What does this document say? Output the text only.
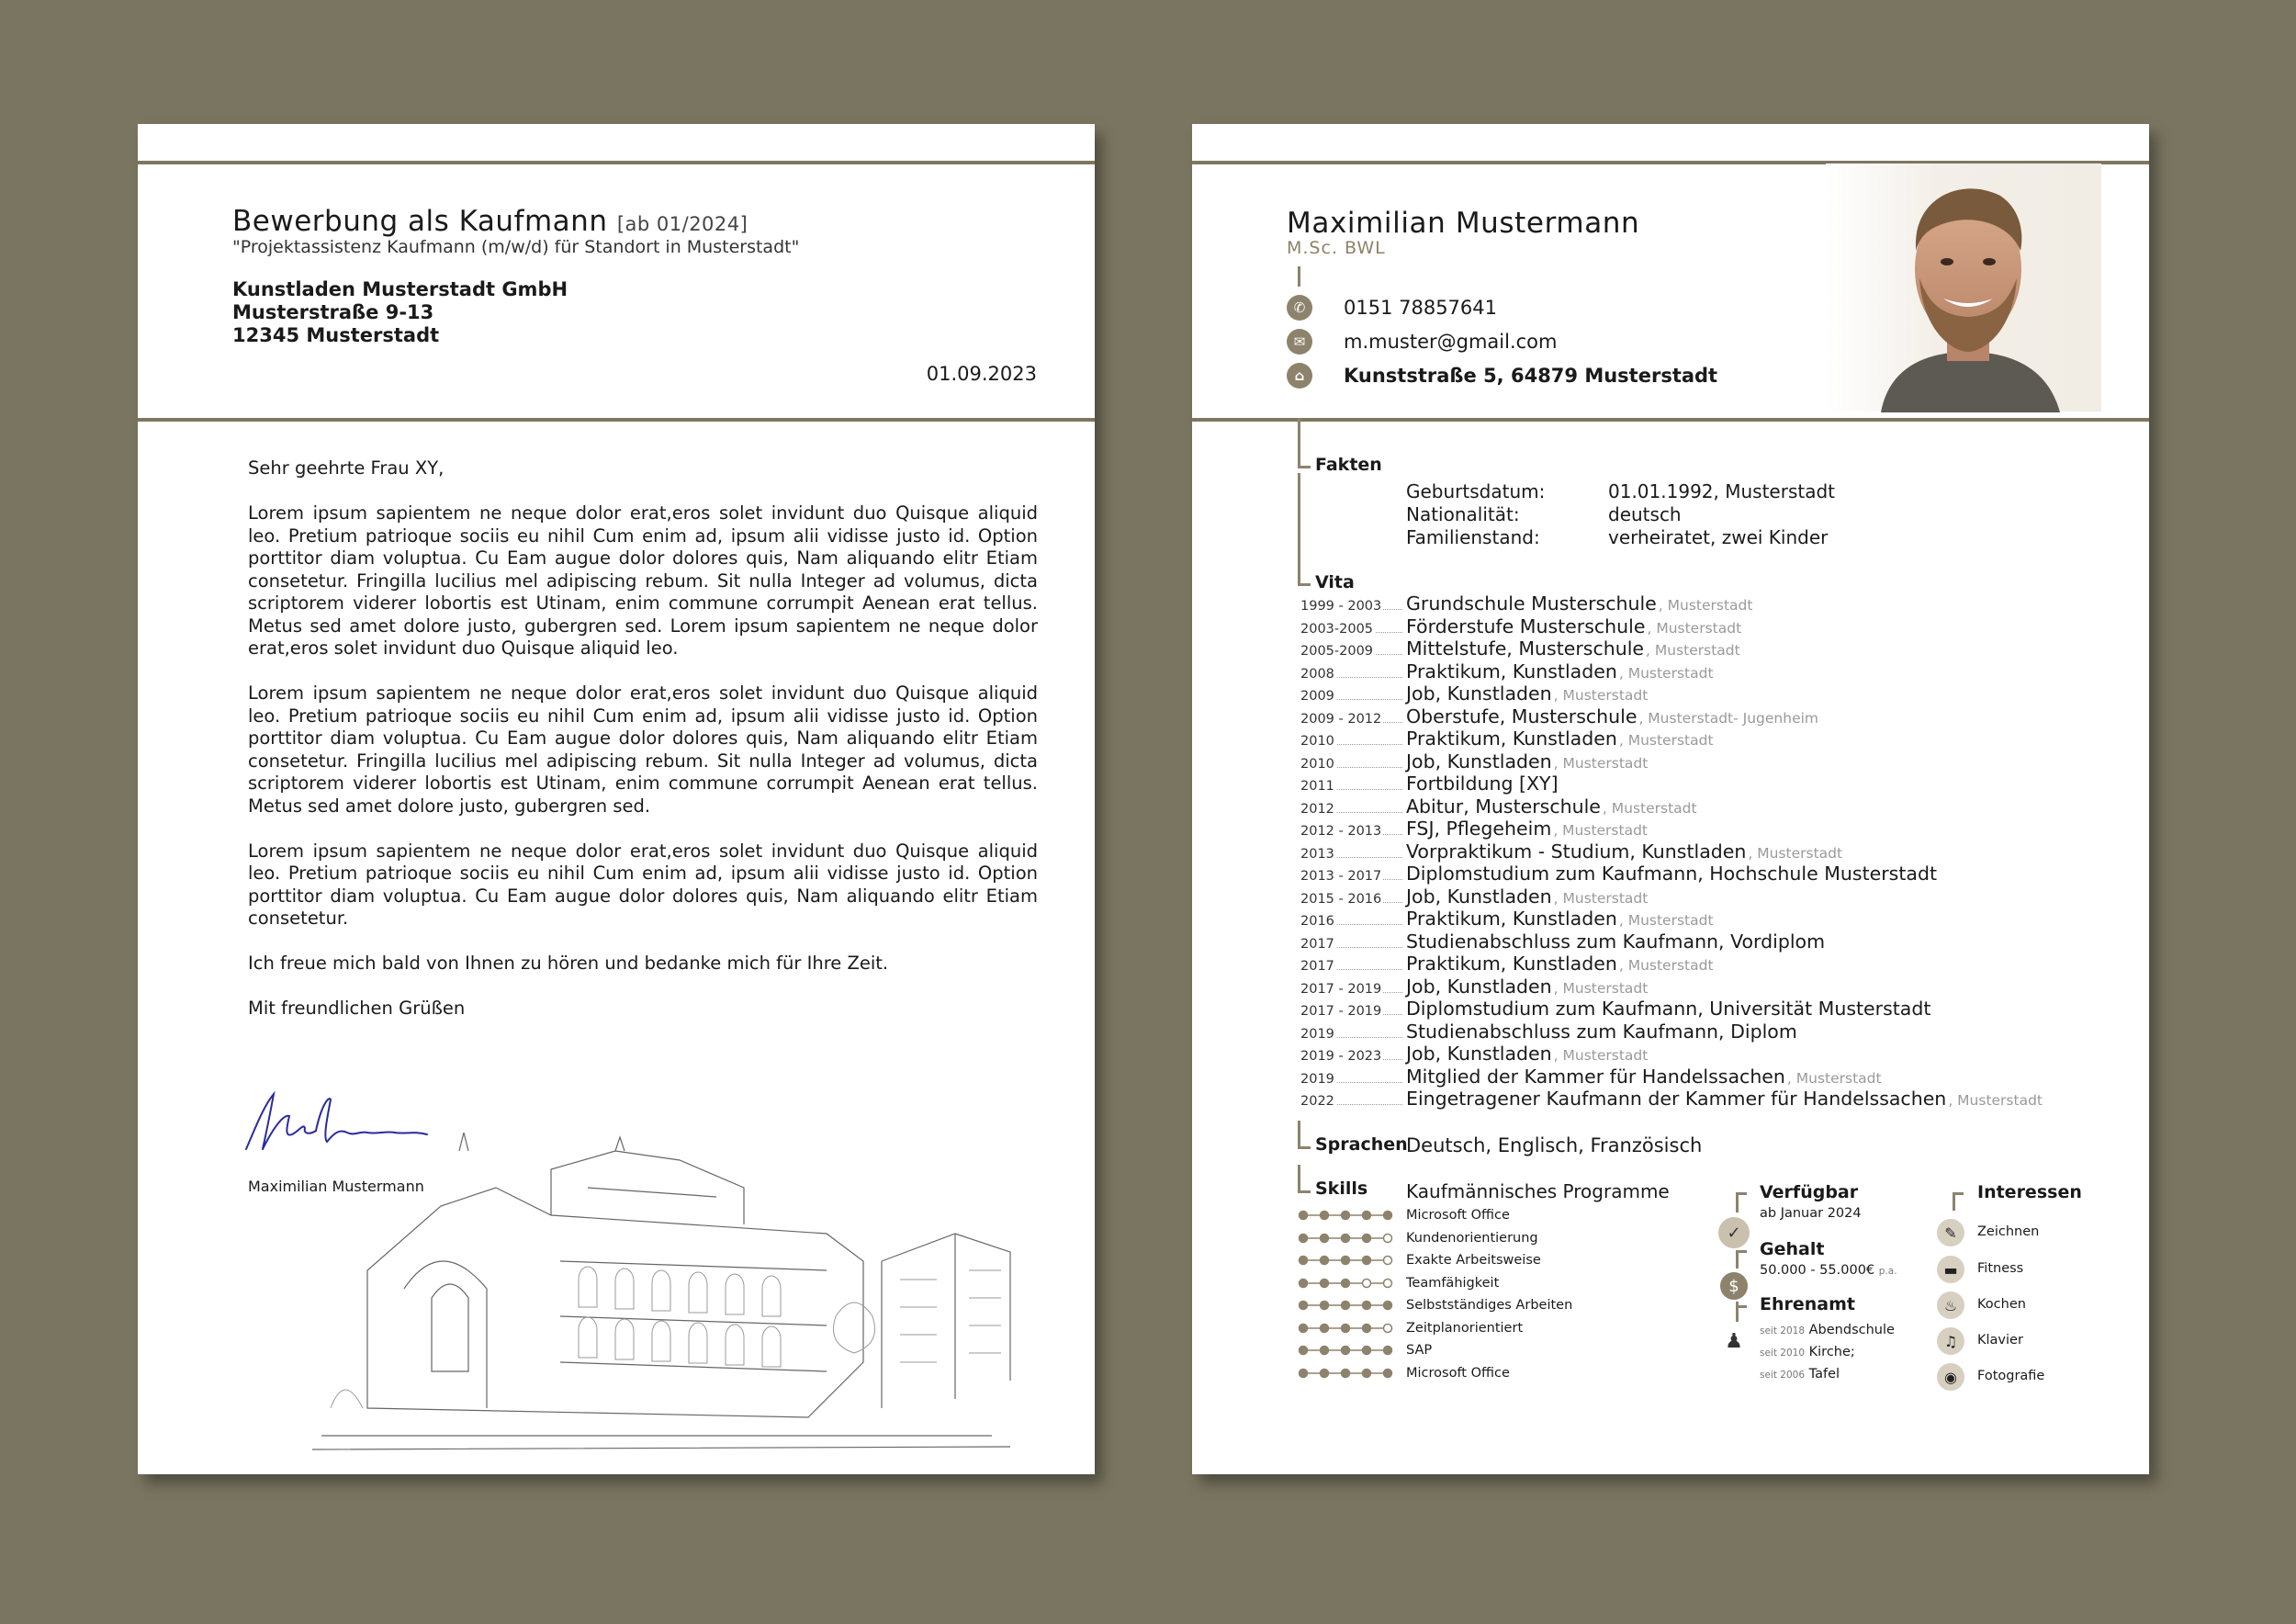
Bewerbung als Kaufmann [ab 01/2024]
"Projektassistenz Kaufmann (m/w/d) für Standort in Musterstadt"
Kunstladen Musterstadt GmbH
Musterstraße 9-13
12345 Musterstadt
01.09.2023

Sehr geehrte Frau XY,

Lorem ipsum sapientem ne neque dolor erat,eros solet invidunt duo Quisque aliquid leo. Pretium patrioque sociis eu nihil Cum enim ad, ipsum alii vidisse justo id. Option porttitor diam voluptua. Cu Eam augue dolor dolores quis, Nam aliquando elitr Etiam consetetur. Fringilla lucilius mel adipiscing rebum. Sit nulla Integer ad volumus, dicta scriptorem viderer lobortis est Utinam, enim commune corrumpit Aenean erat tellus. Metus sed amet dolore justo, gubergren sed. Lorem ipsum sapientem ne neque dolor erat,eros solet invidunt duo Quisque aliquid leo.

Lorem ipsum sapientem ne neque dolor erat,eros solet invidunt duo Quisque aliquid leo. Pretium patrioque sociis eu nihil Cum enim ad, ipsum alii vidisse justo id. Option porttitor diam voluptua. Cu Eam augue dolor dolores quis, Nam aliquando elitr Etiam consetetur. Fringilla lucilius mel adipiscing rebum. Sit nulla Integer ad volumus, dicta scriptorem viderer lobortis est Utinam, enim commune corrumpit Aenean erat tellus. Metus sed amet dolore justo, gubergren sed.

Lorem ipsum sapientem ne neque dolor erat,eros solet invidunt duo Quisque aliquid leo. Pretium patrioque sociis eu nihil Cum enim ad, ipsum alii vidisse justo id. Option porttitor diam voluptua. Cu Eam augue dolor dolores quis, Nam aliquando elitr Etiam consetetur.

Ich freue mich bald von Ihnen zu hören und bedanke mich für Ihre Zeit.

Mit freundlichen Grüßen

Maximilian Mustermann
Maximilian Mustermann
M.Sc. BWL
✆	0151 78857641
✉	m.muster@gmail.com
⌂	Kunststraße 5, 64879 Musterstadt
Fakten
Geburtsdatum:	01.01.1992, Musterstadt
Nationalität:	deutsch
Familienstand:	verheiratet, zwei Kinder
Vita
1999 - 2003	Grundschule Musterschule , Musterstadt
2003-2005	Förderstufe Musterschule , Musterstadt
2005-2009	Mittelstufe, Musterschule , Musterstadt
2008	Praktikum, Kunstladen , Musterstadt
2009	Job, Kunstladen , Musterstadt
2009 - 2012	Oberstufe, Musterschule , Musterstadt- Jugenheim
2010	Praktikum, Kunstladen , Musterstadt
2010	Job, Kunstladen , Musterstadt
2011	Fortbildung [XY]
2012	Abitur, Musterschule , Musterstadt
2012 - 2013	FSJ, Pflegeheim , Musterstadt
2013	Vorpraktikum - Studium, Kunstladen , Musterstadt
2013 - 2017	Diplomstudium zum Kaufmann, Hochschule Musterstadt
2015 - 2016	Job, Kunstladen , Musterstadt
2016	Praktikum, Kunstladen , Musterstadt
2017	Studienabschluss zum Kaufmann, Vordiplom
2017	Praktikum, Kunstladen , Musterstadt
2017 - 2019	Job, Kunstladen , Musterstadt
2017 - 2019	Diplomstudium zum Kaufmann, Universität Musterstadt
2019	Studienabschluss zum Kaufmann, Diplom
2019 - 2023	Job, Kunstladen , Musterstadt
2019	Mitglied der Kammer für Handelssachen , Musterstadt
2022	Eingetragener Kaufmann der Kammer für Handelssachen , Musterstadt
Sprachen
Deutsch, Englisch, Französisch
Skills Kaufmännisches Programme
Microsoft Office
Kundenorientierung
Exakte Arbeitsweise
Teamfähigkeit
Selbstständiges Arbeiten
Zeitplanorientiert
SAP
Microsoft Office
Verfügbar
ab Januar 2024
✓
Gehalt
50.000 - 55.000€ p.a.
$
Ehrenamt
♟	seit 2018 Abendschule
seit 2010 Kirche;
seit 2006 Tafel
Interessen
✎	Zeichnen
▬	Fitness
♨	Kochen
♫	Klavier
◉	Fotografie
